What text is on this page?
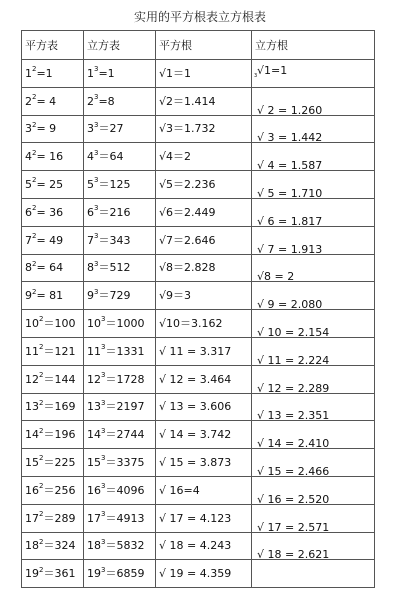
实用的平方根表立方根表
平方表	立方表	平方根	立方根
$1^2=1$	$1^3=1$	√1＝1	√1=1
3

$2^2= 4$	$2^3=8$	√2＝1.414	√ 2 = 1.260
$3^2= 9$	$3^3=27$	√3＝1.732	√ 3 = 1.442
$4^2= 16$	$4^3=64$	√4＝2	√ 4 = 1.587
$5^2= 25$	$5^3=125$	√5＝2.236	√ 5 = 1.710
$6^2= 36$	$6^3=216$	√6＝2.449	√ 6 = 1.817
$7^2= 49$	$7^3=343$	√7＝2.646	√ 7 = 1.913
$8^2= 64$	$8^3=512$	√8＝2.828	√8 = 2
$9^2= 81$	$9^3=729$	√9＝3	√ 9 = 2.080
$10^2=100$	$10^3=1000$	√10＝3.162	√ 10 = 2.154
$11^2=121$	$11^3=1331$	√ 11 = 3.317	√ 11 = 2.224
$12^2=144$	$12^3=1728$	√ 12 = 3.464	√ 12 = 2.289
$13^2=169$	$13^3=2197$	√ 13 = 3.606	√ 13 = 2.351
$14^2=196$	$14^3=2744$	√ 14 = 3.742	√ 14 = 2.410
$15^2=225$	$15^3=3375$	√ 15 = 3.873	√ 15 = 2.466
$16^2=256$	$16^3=4096$	√ 16=4	√ 16 = 2.520
$17^2=289$	$17^3=4913$	√ 17 = 4.123	√ 17 = 2.571
$18^2=324$	$18^3=5832$	√ 18 = 4.243	√ 18 = 2.621
$19^2=361$	$19^3=6859$	√ 19 = 4.359	
